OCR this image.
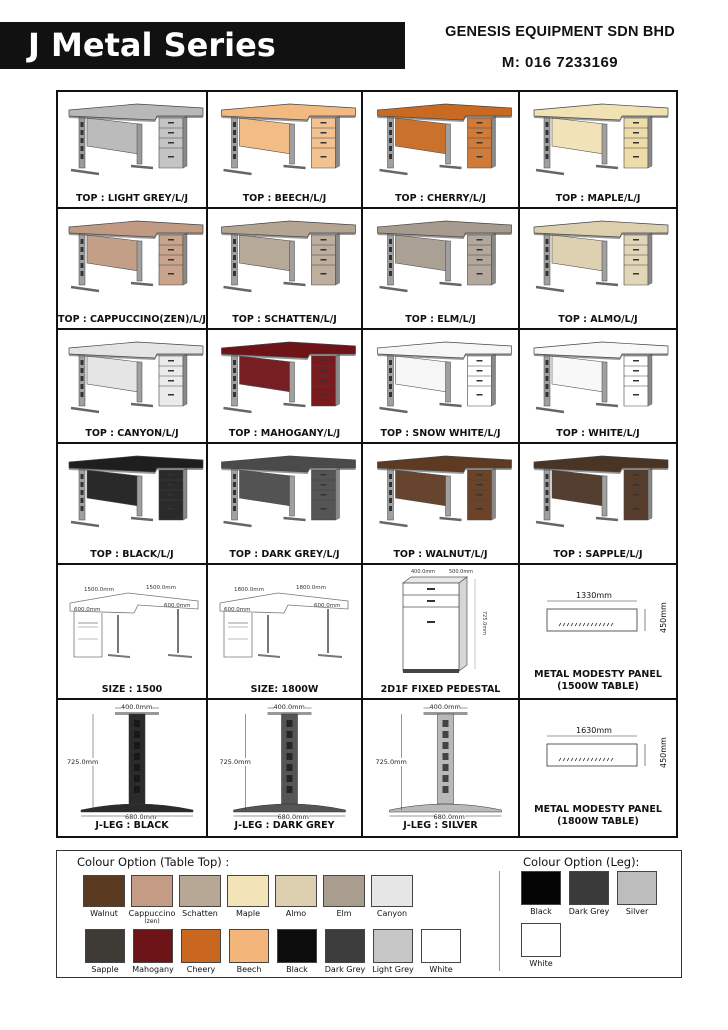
J Metal Series	GENESIS EQUIPMENT SDN BHD
M: 016 7233169
TOP : LIGHT GREY/L/J	TOP : BEECH/L/J	TOP : CHERRY/L/J	TOP : MAPLE/L/J
TOP : CAPPUCCINO(ZEN)/L/J	TOP : SCHATTEN/L/J	TOP : ELM/L/J	TOP : ALMO/L/J
TOP : CANYON/L/J	TOP : MAHOGANY/L/J	TOP : SNOW WHITE/L/J	TOP : WHITE/L/J
TOP : BLACK/L/J	TOP : DARK GREY/L/J	TOP : WALNUT/L/J	TOP : SAPPLE/L/J
1500.0mm	1500.0mm
600.0mm
600.0mm
SIZE : 1500
1800.0mm	1800.0mm
600.0mm
600.0mm
SIZE: 1800W
400.0mm	500.0mm
725.0mm
2D1F FIXED PEDESTAL
1330mm
450mm
METAL MODESTY PANEL
(1500W TABLE)
1630mm
450mm
METAL MODESTY PANEL
(1800W TABLE)
400.0mm
725.0mm
680.0mm
J-LEG : BLACK
400.0mm
725.0mm
680.0mm
J-LEG : DARK GREY
400.0mm
725.0mm
680.0mm
J-LEG : SILVER
Colour Option (Table Top) :	Colour Option (Leg):
Walnut	Cappuccino
(zen)
Schatten	Maple	Almo	Elm	Canyon
Sapple	Mahogany	Cheery	Beech	Black	Dark Grey Light Grey	White
Black	Dark Grey	Silver
White
